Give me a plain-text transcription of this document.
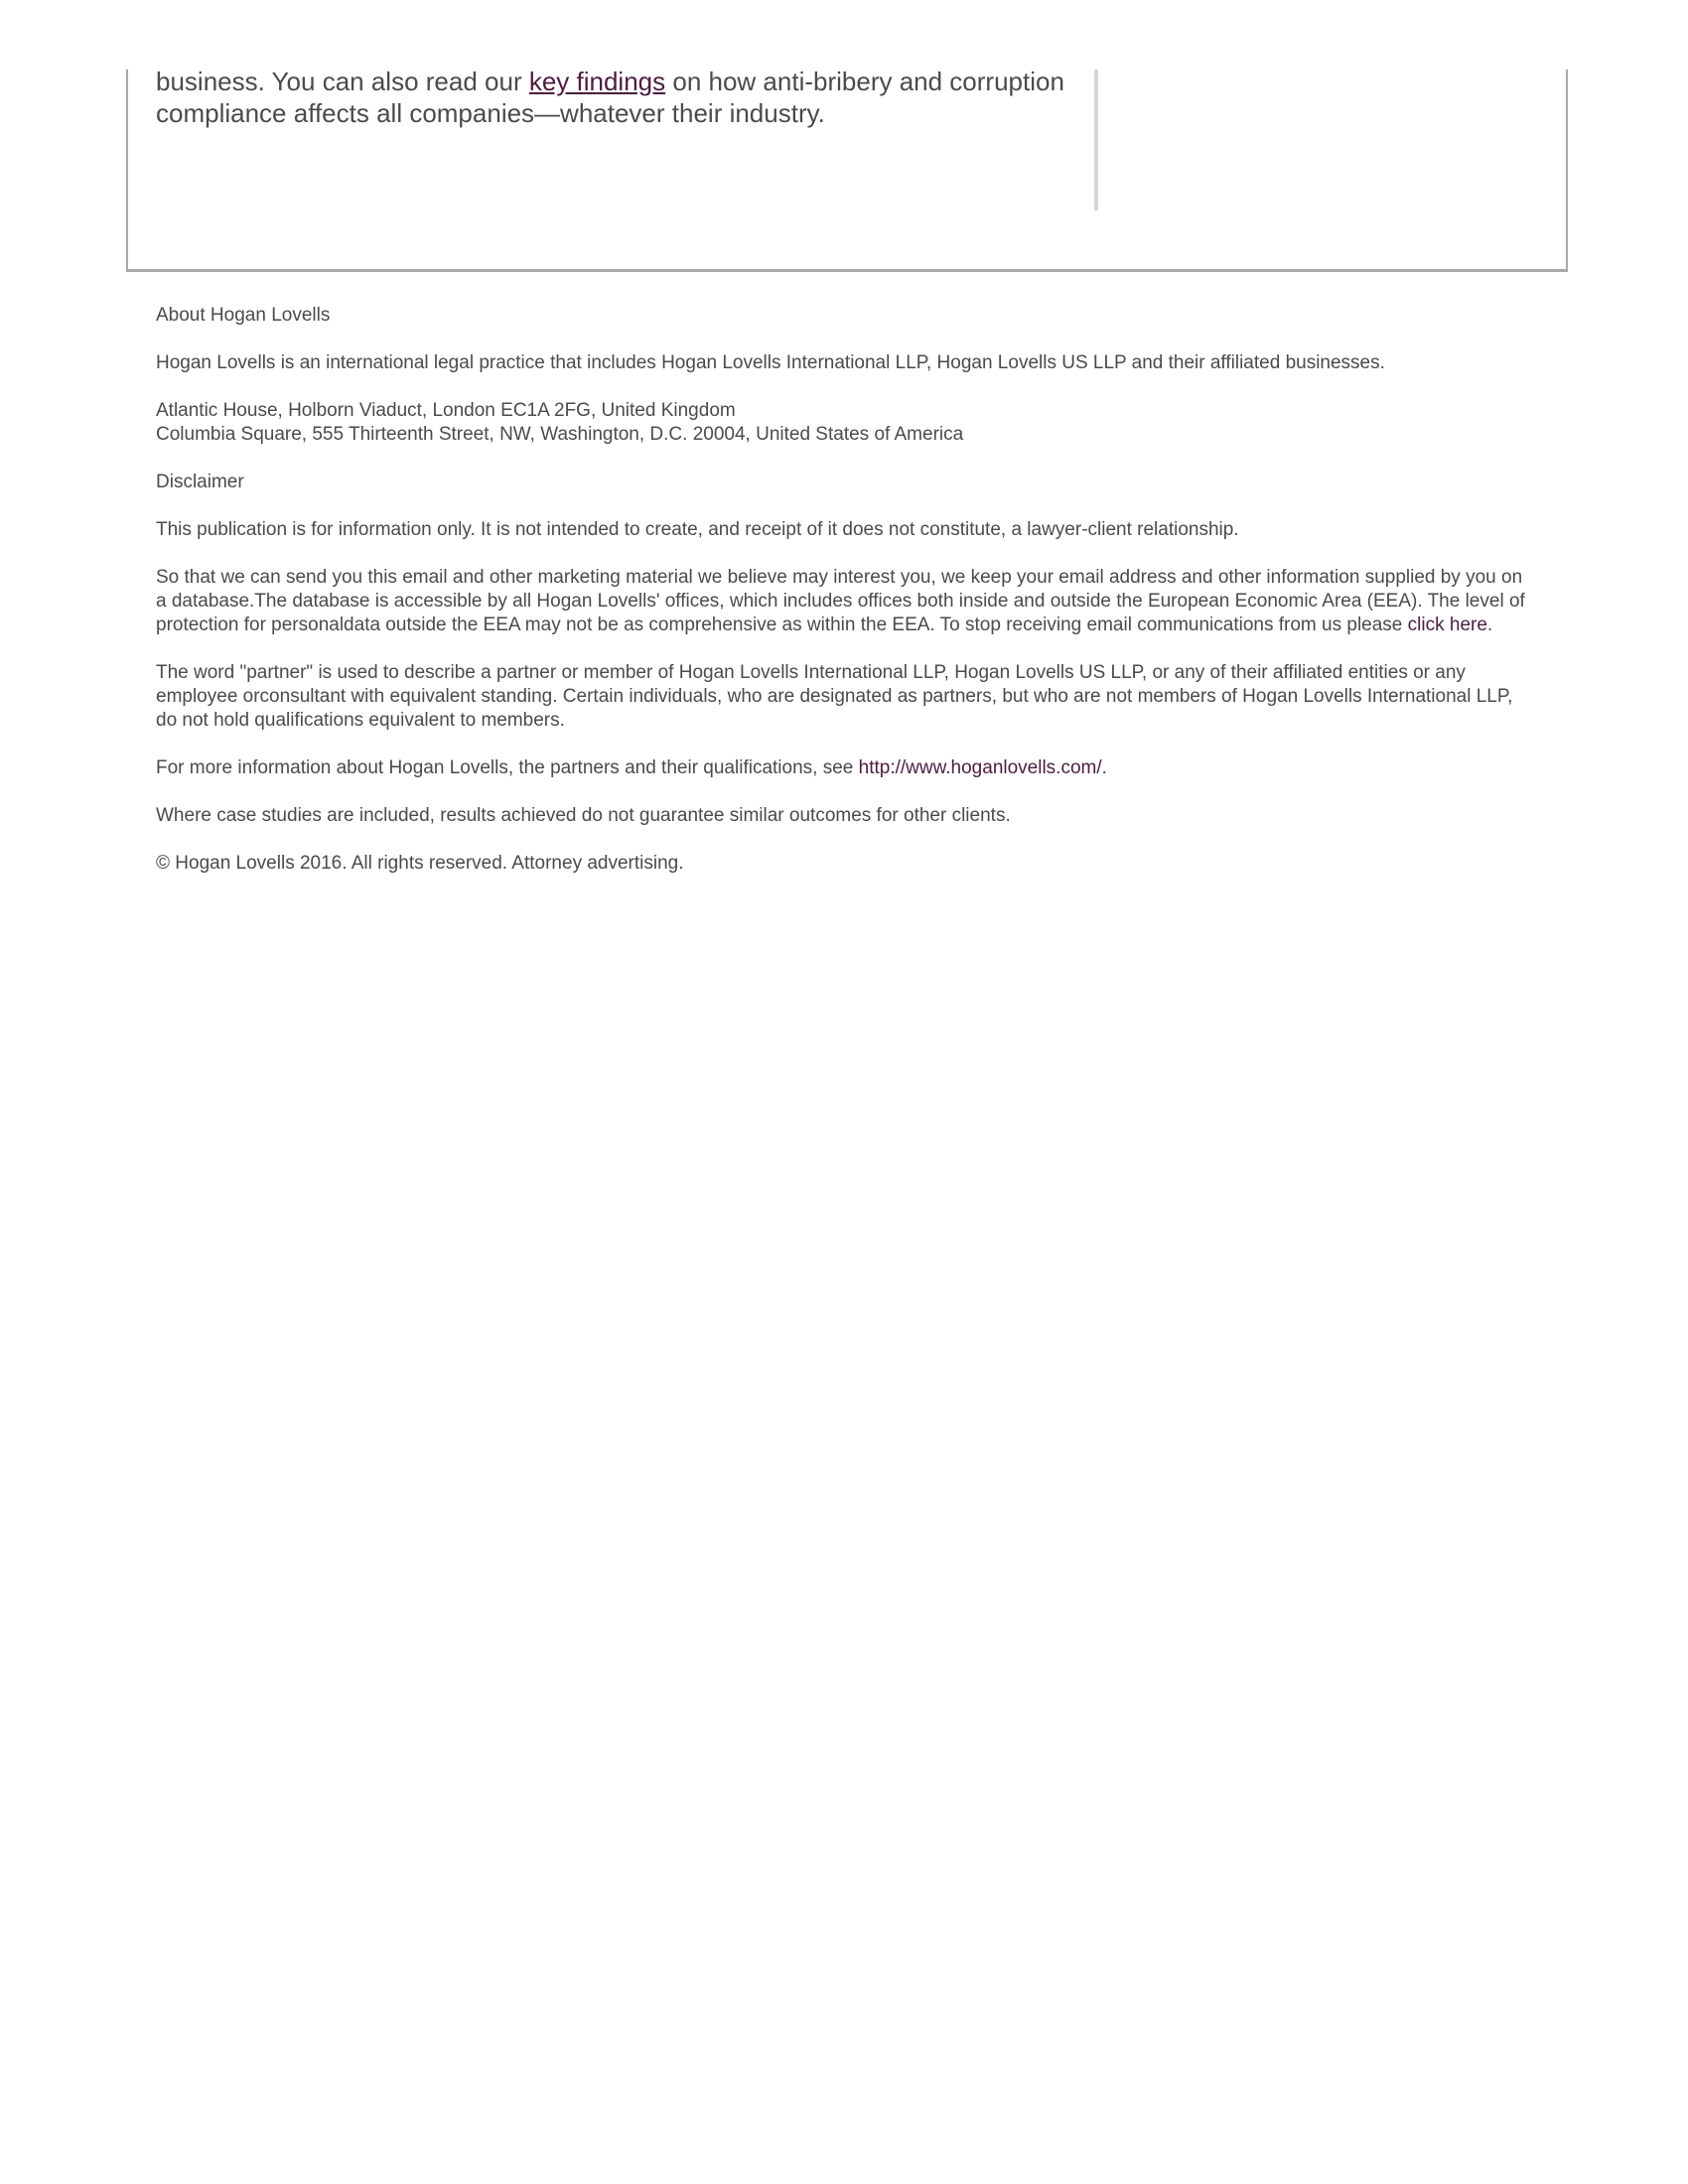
business. You can also read our key findings on how anti-bribery and corruption compliance affects all companies—whatever their industry.

About Hogan Lovells

Hogan Lovells is an international legal practice that includes Hogan Lovells International LLP, Hogan Lovells US LLP and their affiliated businesses.

Atlantic House, Holborn Viaduct, London EC1A 2FG, United Kingdom
Columbia Square, 555 Thirteenth Street, NW, Washington, D.C. 20004, United States of America

Disclaimer

This publication is for information only. It is not intended to create, and receipt of it does not constitute, a lawyer-client relationship.

So that we can send you this email and other marketing material we believe may interest you, we keep your email address and other information supplied by you on a database.The database is accessible by all Hogan Lovells' offices, which includes offices both inside and outside the European Economic Area (EEA). The level of protection for personaldata outside the EEA may not be as comprehensive as within the EEA. To stop receiving email communications from us please click here.

The word "partner" is used to describe a partner or member of Hogan Lovells International LLP, Hogan Lovells US LLP, or any of their affiliated entities or any employee orconsultant with equivalent standing. Certain individuals, who are designated as partners, but who are not members of Hogan Lovells International LLP, do not hold qualifications equivalent to members.

For more information about Hogan Lovells, the partners and their qualifications, see http://www.hoganlovells.com/.

Where case studies are included, results achieved do not guarantee similar outcomes for other clients.

© Hogan Lovells 2016. All rights reserved. Attorney advertising.
